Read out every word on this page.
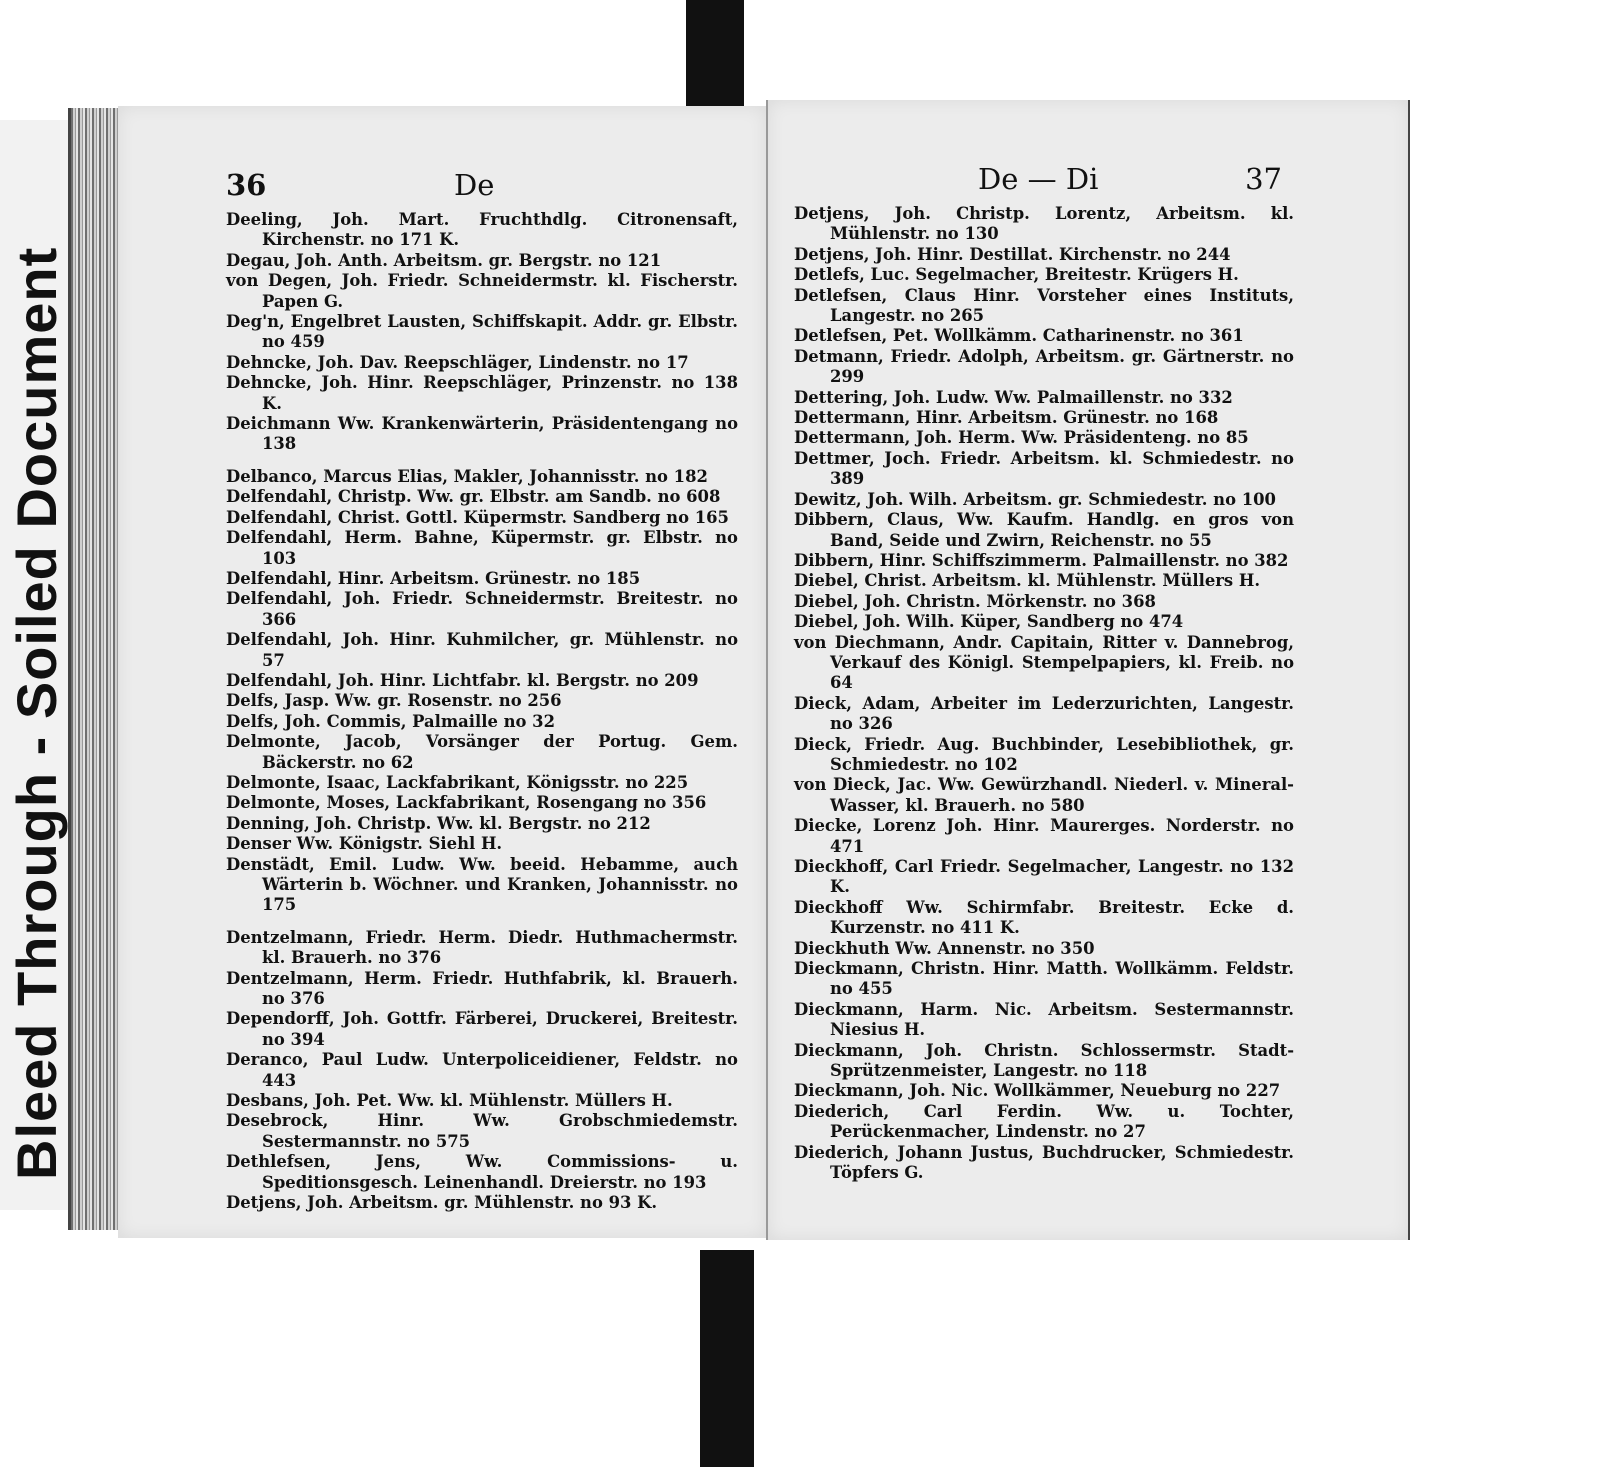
Bleed Through - Soiled Document
36	De
Deeling, Joh. Mart. Fruchthdlg. Citronensaft, Kirchenstr. no 171 K.
Degau, Joh. Anth. Arbeitsm. gr. Bergstr. no 121
von Degen, Joh. Friedr. Schneidermstr. kl. Fischerstr. Papen G.
Deg'n, Engelbret Lausten, Schiffskapit. Addr. gr. Elbstr. no 459
Dehncke, Joh. Dav. Reepschläger, Lindenstr. no 17
Dehncke, Joh. Hinr. Reepschläger, Prinzenstr. no 138 K.
Deichmann Ww. Krankenwärterin, Präsidentengang no 138
Delbanco, Marcus Elias, Makler, Johannisstr. no 182
Delfendahl, Christp. Ww. gr. Elbstr. am Sandb. no 608
Delfendahl, Christ. Gottl. Küpermstr. Sandberg no 165
Delfendahl, Herm. Bahne, Küpermstr. gr. Elbstr. no 103
Delfendahl, Hinr. Arbeitsm. Grünestr. no 185
Delfendahl, Joh. Friedr. Schneidermstr. Breitestr. no 366
Delfendahl, Joh. Hinr. Kuhmilcher, gr. Mühlenstr. no 57
Delfendahl, Joh. Hinr. Lichtfabr. kl. Bergstr. no 209
Delfs, Jasp. Ww. gr. Rosenstr. no 256
Delfs, Joh. Commis, Palmaille no 32
Delmonte, Jacob, Vorsänger der Portug. Gem. Bäckerstr. no 62
Delmonte, Isaac, Lackfabrikant, Königsstr. no 225
Delmonte, Moses, Lackfabrikant, Rosengang no 356
Denning, Joh. Christp. Ww. kl. Bergstr. no 212
Denser Ww. Königstr. Siehl H.
Denstädt, Emil. Ludw. Ww. beeid. Hebamme, auch Wärterin b. Wöchner. und Kranken, Johannisstr. no 175
Dentzelmann, Friedr. Herm. Diedr. Huthmachermstr. kl. Brauerh. no 376
Dentzelmann, Herm. Friedr. Huthfabrik, kl. Brauerh. no 376
Dependorff, Joh. Gottfr. Färberei, Druckerei, Breitestr. no 394
Deranco, Paul Ludw. Unterpoliceidiener, Feldstr. no 443
Desbans, Joh. Pet. Ww. kl. Mühlenstr. Müllers H.
Desebrock, Hinr. Ww. Grobschmiedemstr. Sestermannstr. no 575
Dethlefsen, Jens, Ww. Commissions- u. Speditionsgesch. Leinenhandl. Dreierstr. no 193
Detjens, Joh. Arbeitsm. gr. Mühlenstr. no 93 K.
De — Di	37
Detjens, Joh. Christp. Lorentz, Arbeitsm. kl. Mühlenstr. no 130
Detjens, Joh. Hinr. Destillat. Kirchenstr. no 244
Detlefs, Luc. Segelmacher, Breitestr. Krügers H.
Detlefsen, Claus Hinr. Vorsteher eines Instituts, Langestr. no 265
Detlefsen, Pet. Wollkämm. Catharinenstr. no 361
Detmann, Friedr. Adolph, Arbeitsm. gr. Gärtnerstr. no 299
Dettering, Joh. Ludw. Ww. Palmaillenstr. no 332
Dettermann, Hinr. Arbeitsm. Grünestr. no 168
Dettermann, Joh. Herm. Ww. Präsidenteng. no 85
Dettmer, Joch. Friedr. Arbeitsm. kl. Schmiedestr. no 389
Dewitz, Joh. Wilh. Arbeitsm. gr. Schmiedestr. no 100
Dibbern, Claus, Ww. Kaufm. Handlg. en gros von Band, Seide und Zwirn, Reichenstr. no 55
Dibbern, Hinr. Schiffszimmerm. Palmaillenstr. no 382
Diebel, Christ. Arbeitsm. kl. Mühlenstr. Müllers H.
Diebel, Joh. Christn. Mörkenstr. no 368
Diebel, Joh. Wilh. Küper, Sandberg no 474
von Diechmann, Andr. Capitain, Ritter v. Dannebrog, Verkauf des Königl. Stempelpapiers, kl. Freib. no 64
Dieck, Adam, Arbeiter im Lederzurichten, Langestr. no 326
Dieck, Friedr. Aug. Buchbinder, Lesebibliothek, gr. Schmiedestr. no 102
von Dieck, Jac. Ww. Gewürzhandl. Niederl. v. Mineral-Wasser, kl. Brauerh. no 580
Diecke, Lorenz Joh. Hinr. Maurerges. Norderstr. no 471
Dieckhoff, Carl Friedr. Segelmacher, Langestr. no 132 K.
Dieckhoff Ww. Schirmfabr. Breitestr. Ecke d. Kurzenstr. no 411 K.
Dieckhuth Ww. Annenstr. no 350
Dieckmann, Christn. Hinr. Matth. Wollkämm. Feldstr. no 455
Dieckmann, Harm. Nic. Arbeitsm. Sestermannstr. Niesius H.
Dieckmann, Joh. Christn. Schlossermstr. Stadt-Sprützenmeister, Langestr. no 118
Dieckmann, Joh. Nic. Wollkämmer, Neueburg no 227
Diederich, Carl Ferdin. Ww. u. Tochter, Perückenmacher, Lindenstr. no 27
Diederich, Johann Justus, Buchdrucker, Schmiedestr. Töpfers G.
